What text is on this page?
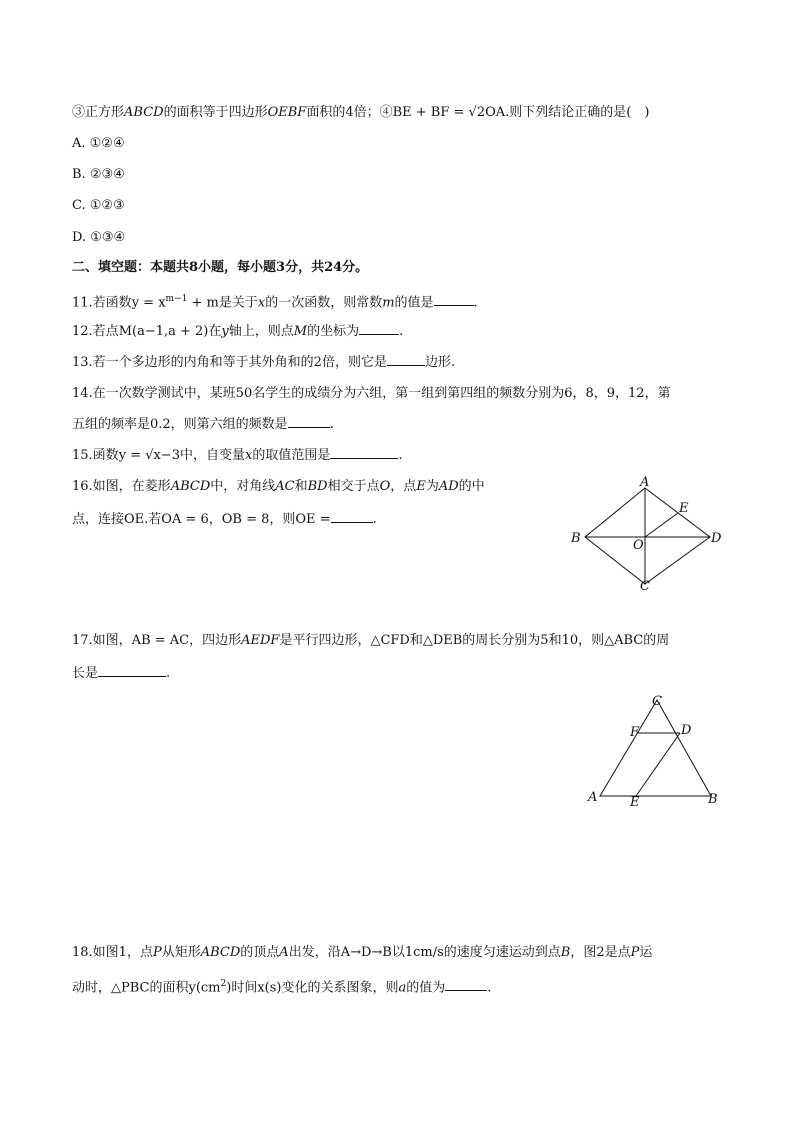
③正方形ABCD的面积等于四边形OEBF面积的4倍；④BE + BF = √2OA.则下列结论正确的是(　)
A. ①②④
B. ②③④
C. ①②③
D. ①③④
二、填空题：本题共8小题，每小题3分，共24分。
11.若函数$y = x^{m-1} + m$是关于x的一次函数，则常数m的值是	.
12.若点M(a−1,a + 2)在y轴上，则点M的坐标为	.
13.若一个多边形的内角和等于其外角和的2倍，则它是	边形.
14.在一次数学测试中，某班50名学生的成绩分为六组，第一组到第四组的频数分别为6，8，9，12，第
五组的频率是0.2，则第六组的频数是	.
15.函数y = √x−3中，自变量x的取值范围是	.
16.如图，在菱形ABCD中，对角线AC和BD相交于点O，点E为AD的中
点，连接OE.若OA = 6，OB = 8，则OE =	.
A
B
C
D
E
O
17.如图，AB = AC，四边形AEDF是平行四边形，△CFD和△DEB的周长分别为5和10，则△ABC的周
长是	.
C
F	D
A	E	B
18.如图1，点P从矩形ABCD的顶点A出发，沿A→D→B以1cm/s的速度匀速运动到点B，图2是点P运
动时，△PBC的面积$y(cm^2)$时间x(s)变化的关系图象，则a的值为	.
